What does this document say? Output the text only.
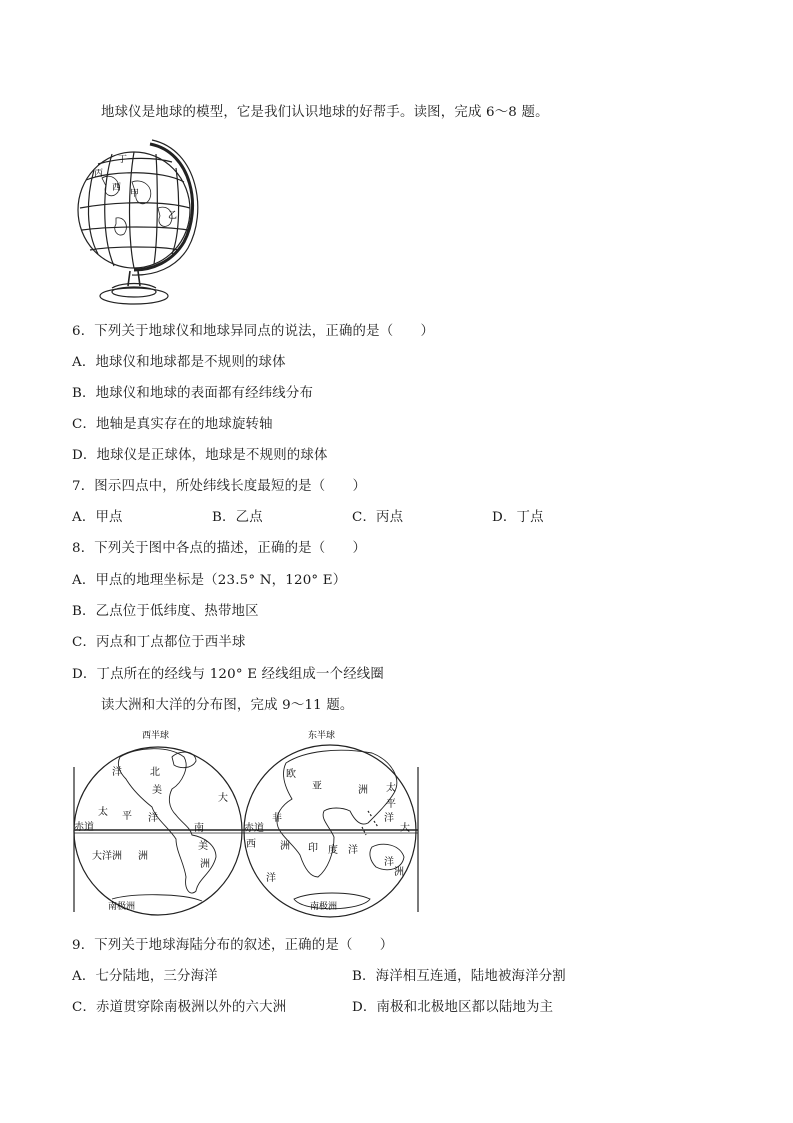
地球仪是地球的模型，它是我们认识地球的好帮手。读图，完成 6～8 题。
丁
丙
西
甲
乙
6．下列关于地球仪和地球异同点的说法，正确的是（　　）
A．地球仪和地球都是不规则的球体
B．地球仪和地球的表面都有经纬线分布
C．地轴是真实存在的地球旋转轴
D．地球仪是正球体，地球是不规则的球体
7．图示四点中，所处纬线长度最短的是（　　）
A．甲点	B．乙点	C．丙点	D．丁点
8．下列关于图中各点的描述，正确的是（　　）
A．甲点的地理坐标是（23.5° N，120° E）
B．乙点位于低纬度、热带地区
C．丙点和丁点都位于西半球
D．丁点所在的经线与 120° E 经线组成一个经线圈
读大洲和大洋的分布图，完成 9～11 题。
西半球
洋	北
美
太 平 洋
大
赤道	南
美
洲
大洋洲 洲
南极洲
东半球
欧
亚	洲 太
平
洋
大
赤道
非
洲
西
洋
印 度 洋
洋
洲
南极洲
9．下列关于地球海陆分布的叙述，正确的是（　　）
A．七分陆地，三分海洋	B．海洋相互连通，陆地被海洋分割
C．赤道贯穿除南极洲以外的六大洲	D．南极和北极地区都以陆地为主
